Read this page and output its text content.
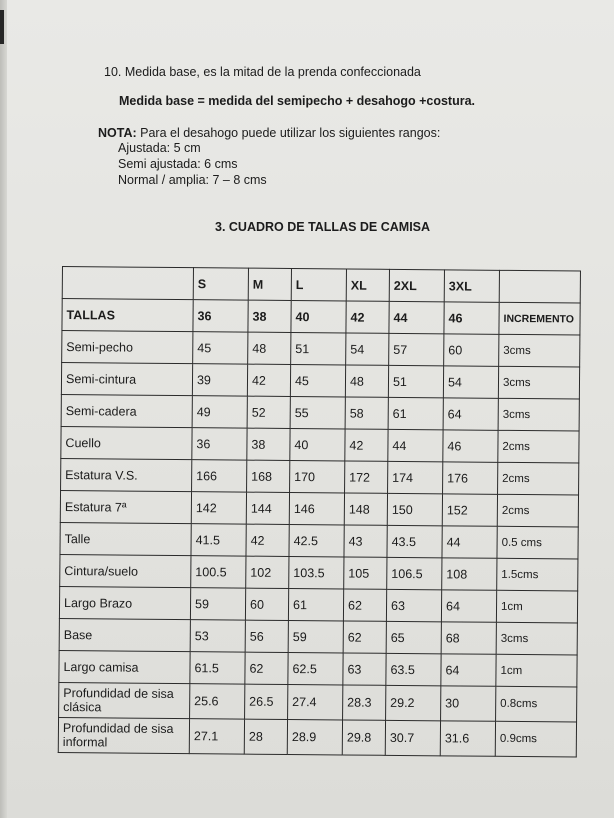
10. Medida base, es la mitad de la prenda confeccionada
Medida base = medida del semipecho + desahogo +costura.
NOTA: Para el desahogo puede utilizar los siguientes rangos:
Ajustada: 5 cm
Semi ajustada: 6 cms
Normal / amplia: 7 – 8 cms
3. CUADRO DE TALLAS DE CAMISA
	S	M	L	XL	2XL	3XL	
TALLAS	36	38	40	42	44	46	INCREMENTO
Semi-pecho	45	48	51	54	57	60	3cms
Semi-cintura	39	42	45	48	51	54	3cms
Semi-cadera	49	52	55	58	61	64	3cms
Cuello	36	38	40	42	44	46	2cms
Estatura V.S.	166	168	170	172	174	176	2cms
Estatura 7ª	142	144	146	148	150	152	2cms
Talle	41.5	42	42.5	43	43.5	44	0.5 cms
Cintura/suelo	100.5	102	103.5	105	106.5	108	1.5cms
Largo Brazo	59	60	61	62	63	64	1cm
Base	53	56	59	62	65	68	3cms
Largo camisa	61.5	62	62.5	63	63.5	64	1cm
Profundidad de sisa clásica	25.6	26.5	27.4	28.3	29.2	30	0.8cms
Profundidad de sisa informal	27.1	28	28.9	29.8	30.7	31.6	0.9cms
